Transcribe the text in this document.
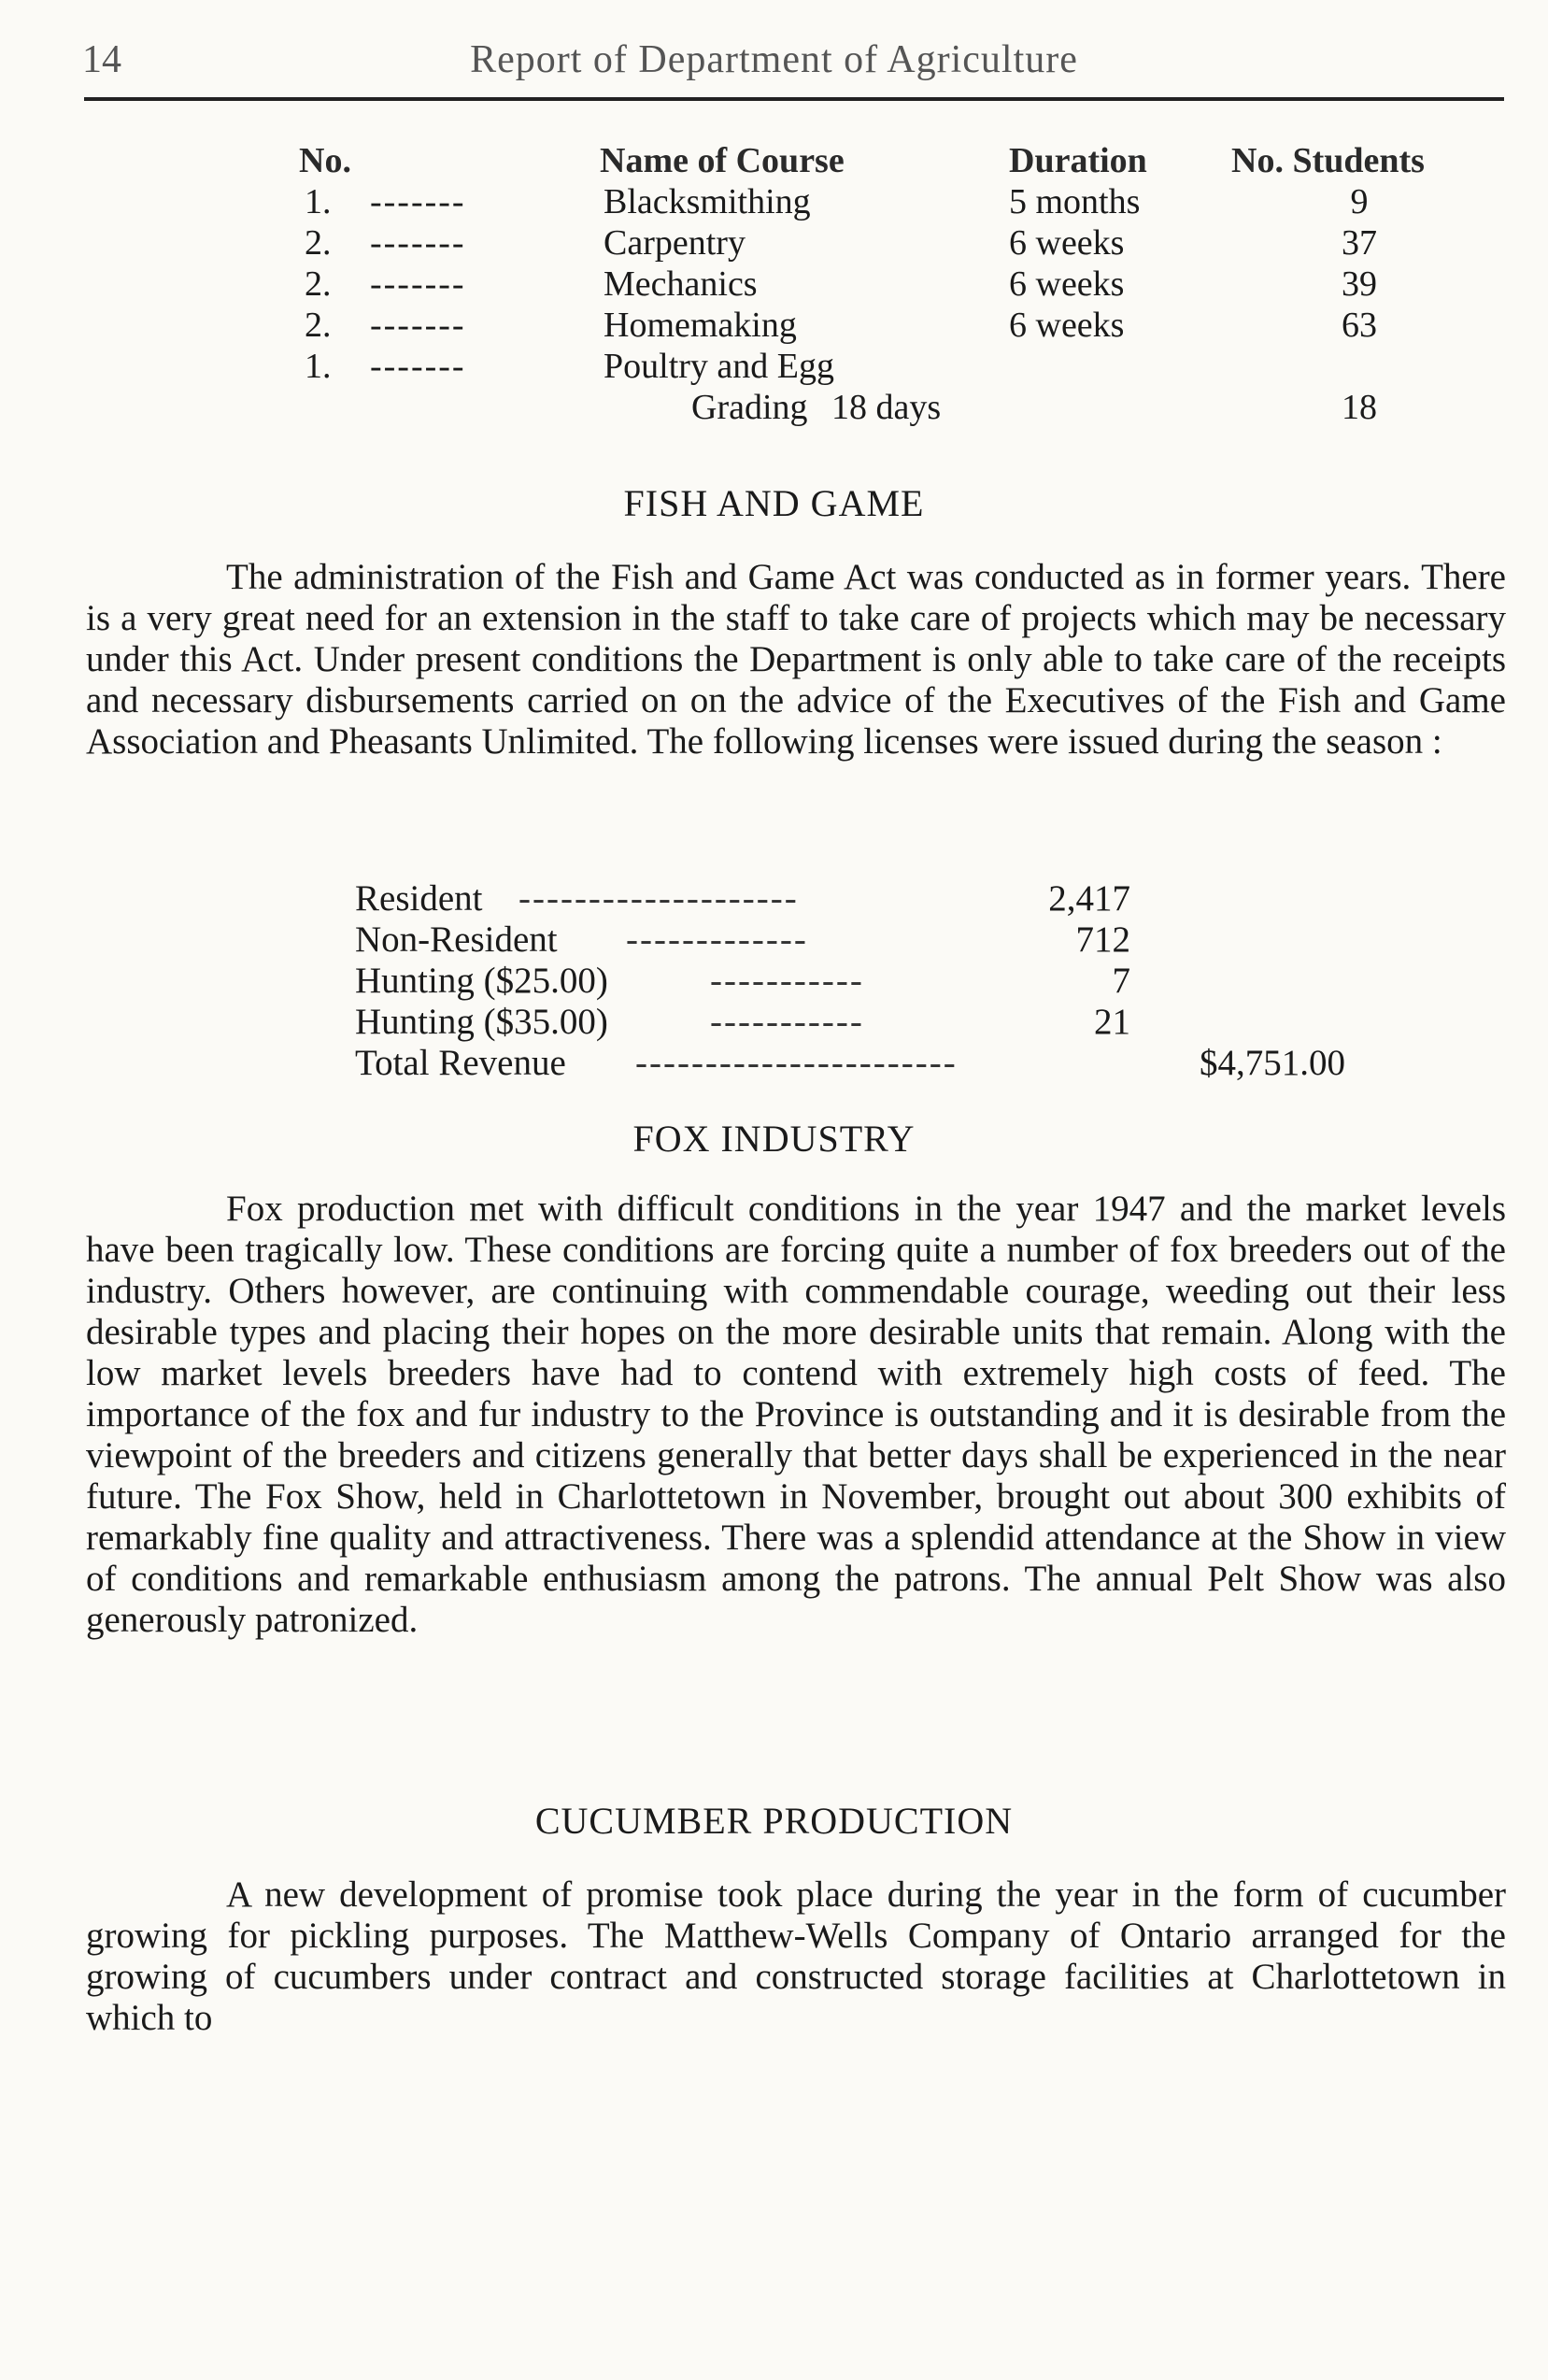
14	Report of Department of Agriculture
No.	Name of Course	Duration No. Students
1. -------	Blacksmithing	5 months	9
2. -------	Carpentry	6 weeks	37
2. -------	Mechanics	6 weeks	39
2. -------	Homemaking	6 weeks	63
1. -------	Poultry and Egg
Grading 18 days	18
FISH AND GAME

The administration of the Fish and Game Act was conducted as in former years. There is a very great need for an extension in the staff to take care of projects which may be necessary under this Act. Under present conditions the Department is only able to take care of the receipts and necessary disbursements carried on on the advice of the Executives of the Fish and Game Association and Pheasants Unlimited. The following licenses were issued during the season :

Resident --------------------	2,417
Non-Resident -------------	712
Hunting ($25.00)	-----------	7
Hunting ($35.00)	-----------	21
Total Revenue -----------------------	$4,751.00
FOX INDUSTRY

Fox production met with difficult conditions in the year 1947 and the market levels have been tragically low. These conditions are forcing quite a number of fox breeders out of the industry. Others however, are continuing with commendable courage, weeding out their less desirable types and placing their hopes on the more desirable units that remain. Along with the low market levels breeders have had to contend with extremely high costs of feed. The importance of the fox and fur industry to the Province is outstanding and it is desirable from the viewpoint of the breeders and citizens generally that better days shall be experienced in the near future. The Fox Show, held in Charlottetown in November, brought out about 300 exhibits of remarkably fine quality and attractiveness. There was a splendid attendance at the Show in view of conditions and remarkable enthusiasm among the patrons. The annual Pelt Show was also generously patronized.

CUCUMBER PRODUCTION

A new development of promise took place during the year in the form of cucumber growing for pickling purposes. The Matthew-Wells Company of Ontario arranged for the growing of cucumbers under contract and constructed storage facilities at Charlottetown in which to
